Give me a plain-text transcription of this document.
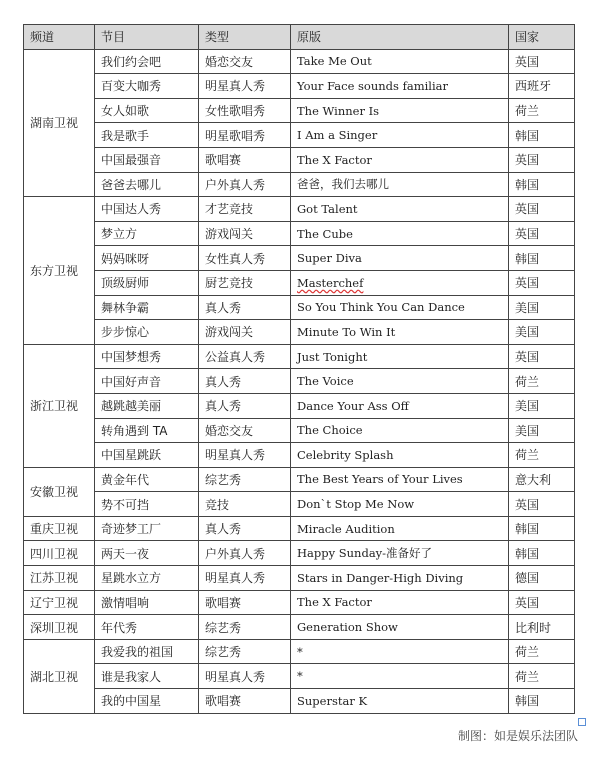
频道	节目	类型	原版	国家
湖南卫视	我们约会吧	婚恋交友	Take Me Out	英国
	百变大咖秀	明星真人秀	Your Face sounds familiar	西班牙
	女人如歌	女性歌唱秀	The Winner Is	荷兰
	我是歌手	明星歌唱秀	I Am a Singer	韩国
	中国最强音	歌唱赛	The X Factor	英国
	爸爸去哪儿	户外真人秀	爸爸，我们去哪儿	韩国
东方卫视	中国达人秀	才艺竞技	Got Talent	英国
	梦立方	游戏闯关	The Cube	英国
	妈妈咪呀	女性真人秀	Super Diva	韩国
	顶级厨师	厨艺竞技	Masterchef	英国
	舞林争霸	真人秀	So You Think You Can Dance	美国
	步步惊心	游戏闯关	Minute To Win It	美国
浙江卫视	中国梦想秀	公益真人秀	Just Tonight	英国
	中国好声音	真人秀	The Voice	荷兰
	越跳越美丽	真人秀	Dance Your Ass Off	美国
	转角遇到 TA	婚恋交友	The Choice	美国
	中国星跳跃	明星真人秀	Celebrity Splash	荷兰
安徽卫视	黄金年代	综艺秀	The Best Years of Your Lives	意大利
	势不可挡	竞技	Don`t Stop Me Now	英国
重庆卫视	奇迹梦工厂	真人秀	Miracle Audition	韩国
四川卫视	两天一夜	户外真人秀	Happy Sunday-准备好了	韩国
江苏卫视	星跳水立方	明星真人秀	Stars in Danger-High Diving	德国
辽宁卫视	激情唱响	歌唱赛	The X Factor	英国
深圳卫视	年代秀	综艺秀	Generation Show	比利时
湖北卫视	我爱我的祖国	综艺秀	*	荷兰
	谁是我家人	明星真人秀	*	荷兰
	我的中国星	歌唱赛	Superstar K	韩国
制图：如是娱乐法团队
